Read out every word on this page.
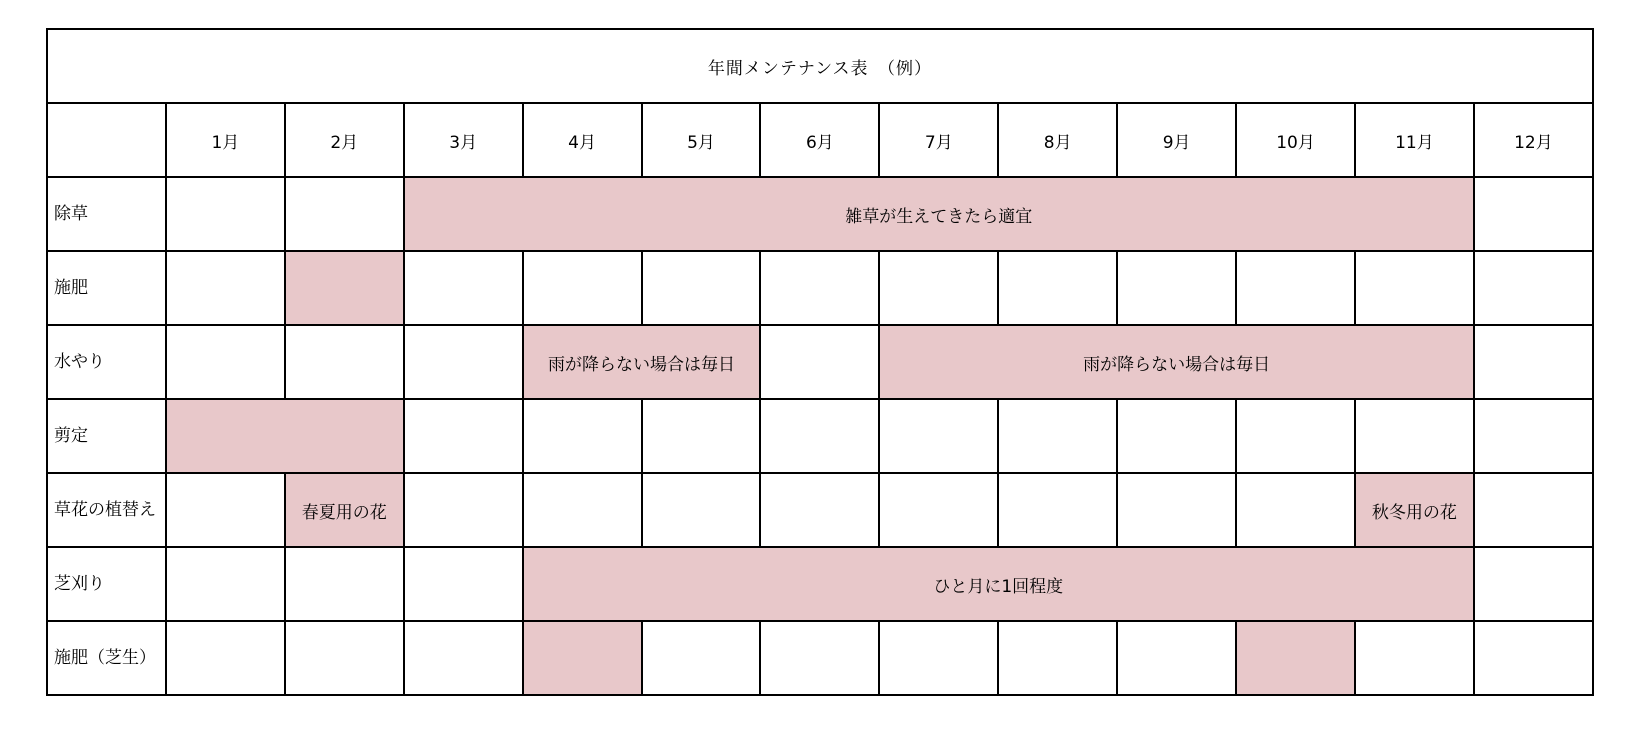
年間メンテナンス表　（例）												
	1月	2月	3月	4月	5月	6月	7月	8月	9月	10月	11月	12月
除草			雑草が生えてきたら適宜									
施肥												
水やり				雨が降らない場合は毎日			雨が降らない場合は毎日					
剪定												
草花の植替え		春夏用の花									秋冬用の花	
芝刈り				ひと月に1回程度								
施肥（芝生）												
